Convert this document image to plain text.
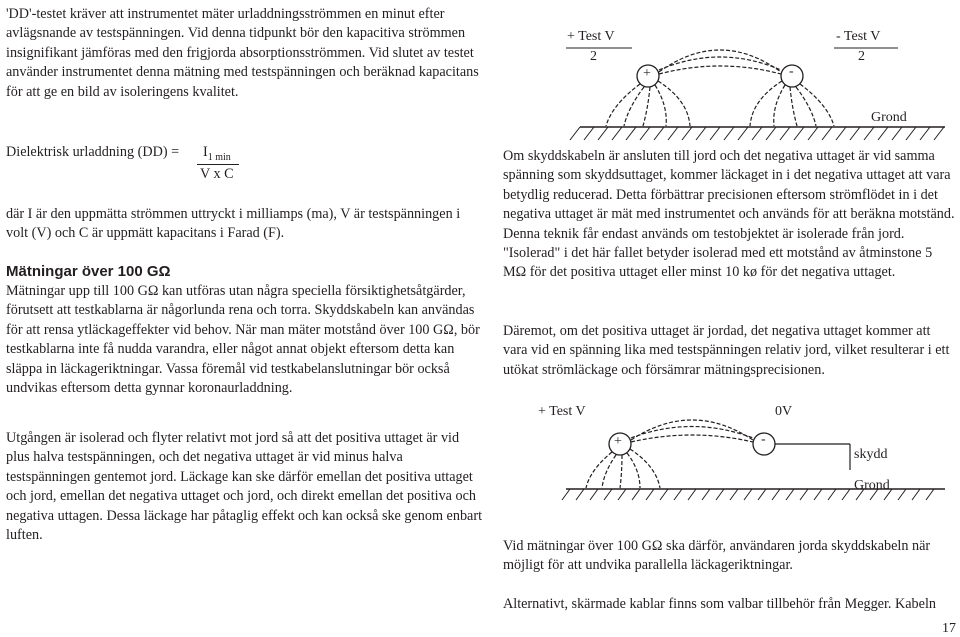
'DD'-testet kräver att instrumentet mäter urladdningsströmmen en minut efter avlägsnande av testspänningen. Vid denna tidpunkt bör den kapacitiva strömmen insignifikant jämföras med den frigjorda absorptionsströmmen. Vid slutet av testet använder instrumentet denna mätning med testspänningen och beräknad kapacitans för att ge en bild av isoleringens kvalitet.

Dielektrisk urladdning $(DD) = I_{1 min}$
V x C

där I är den uppmätta strömmen uttryckt i milliamps (ma), V är testspänningen i volt (V) och C är uppmätt kapacitans i Farad (F).

Mätningar över 100 GΩ

Mätningar upp till 100 GΩ kan utföras utan några speciella försiktighetsåtgärder, förutsett att testkablarna är någorlunda rena och torra. Skyddskabeln kan användas för att rensa ytläckageffekter vid behov. När man mäter motstånd över 100 GΩ, bör testkablarna inte få nudda varandra, eller något annat objekt eftersom detta kan släppa in läckageriktningar. Vassa föremål vid testkabelanslutningar bör också undvikas eftersom detta gynnar koronaurladdning.

Utgången är isolerad och flyter relativt mot jord så att det positiva uttaget är vid plus halva testspänningen, och det negativa uttaget är vid minus halva testspänningen gentemot jord. Läckage kan ske därför emellan det positiva uttaget och jord, emellan det negativa uttaget och jord, och direkt emellan det positiva och negativa uttagen. Dessa läckage har påtaglig effekt och kan också ske genom enbart luften.

+ Test V
2
- Test V
2
+	-
Grond

Om skyddskabeln är ansluten till jord och det negativa uttaget är vid samma spänning som skyddsuttaget, kommer läckaget in i det negativa uttaget att vara betydlig reducerad. Detta förbättrar precisionen eftersom strömflödet in i det negativa uttaget är mät med instrumentet och används för att beräkna motständ. Denna teknik får endast används om testobjektet är isolerade från jord. "Isolerad" i det här fallet betyder isolerad med ett motstånd av åtminstone 5 MΩ för det positiva uttaget eller minst 10 kø för det negativa uttaget.

Däremot, om det positiva uttaget är jordad, det negativa uttaget kommer att vara vid en spänning lika med testspänningen relativ jord, vilket resulterar i ett utökat strömläckage och försämrar mätningsprecisionen.

+ Test V	0V
+	-
skydd
Grond

Vid mätningar över 100 GΩ ska därför, användaren jorda skyddskabeln när möjligt för att undvika parallella läckageriktningar.

Alternativt, skärmade kablar finns som valbar tillbehör från Megger. Kabeln

17
